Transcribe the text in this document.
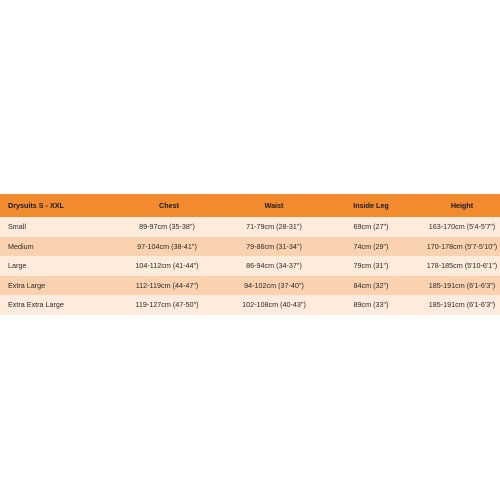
Drysuits S - XXL	Chest	Waist	Inside Leg	Height
Small	89-97cm (35-38")	71-79cm (28-31")	69cm (27")	163-170cm (5'4-5'7")
Medium	97-104cm (38-41")	79-86cm (31-34")	74cm (29")	170-178cm (5'7-5'10")
Large	104-112cm (41-44")	86-94cm (34-37")	79cm (31")	178-185cm (5'10-6'1")
Extra Large	112-119cm (44-47")	94-102cm (37-40")	84cm (32")	185-191cm (6'1-6'3")
Extra Extra Large	119-127cm (47-50")	102-108cm (40-43")	89cm (33")	185-191cm (6'1-6'3")
